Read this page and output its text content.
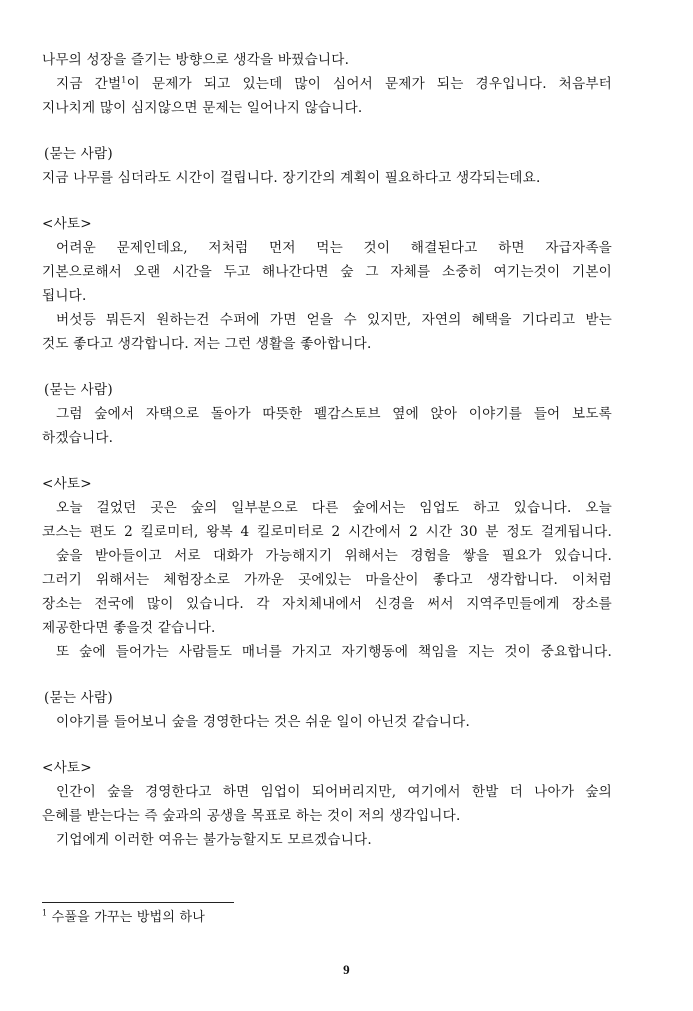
나무의 성장을 즐기는 방향으로 생각을 바꿨습니다.
지금 간벌$^1$이 문제가 되고 있는데 많이 심어서 문제가 되는 경우입니다. 처음부터
지나치게 많이 심지않으면 문제는 일어나지 않습니다.
(묻는 사람)
지금 나무를 심더라도 시간이 걸립니다. 장기간의 계획이 필요하다고 생각되는데요.
<사토>
어려운 문제인데요, 저처럼 먼저 먹는 것이 해결된다고 하면 자급자족을
기본으로해서 오랜 시간을 두고 해나간다면 숲 그 자체를 소중히 여기는것이 기본이
됩니다.
버섯등 뭐든지 원하는건 수퍼에 가면 얻을 수 있지만, 자연의 혜택을 기다리고 받는
것도 좋다고 생각합니다. 저는 그런 생활을 좋아합니다.
(묻는 사람)
그럼 숲에서 자택으로 돌아가 따뜻한 펠감스토브 옆에 앉아 이야기를 들어 보도록
하겠습니다.
<사토>
오늘 걸었던 곳은 숲의 일부분으로 다른 숲에서는 임업도 하고 있습니다. 오늘
코스는 편도 2 킬로미터, 왕복 4 킬로미터로 2 시간에서 2 시간 30 분 정도 걸게됩니다.
숲을 받아들이고 서로 대화가 가능해지기 위해서는 경험을 쌓을 필요가 있습니다.
그러기 위해서는 체험장소로 가까운 곳에있는 마을산이 좋다고 생각합니다. 이처럼
장소는 전국에 많이 있습니다. 각 자치체내에서 신경을 써서 지역주민들에게 장소를
제공한다면 좋을것 같습니다.
또 숲에 들어가는 사람들도 매너를 가지고 자기행동에 책임을 지는 것이 중요합니다.
(묻는 사람)
이야기를 들어보니 숲을 경영한다는 것은 쉬운 일이 아닌것 같습니다.
<사토>
인간이 숲을 경영한다고 하면 임업이 되어버리지만, 여기에서 한발 더 나아가 숲의
은혜를 받는다는 즉 숲과의 공생을 목표로 하는 것이 저의 생각입니다.
기업에게 이러한 여유는 불가능할지도 모르겠습니다.
$^1$ 수풀을 가꾸는 방법의 하나
9
